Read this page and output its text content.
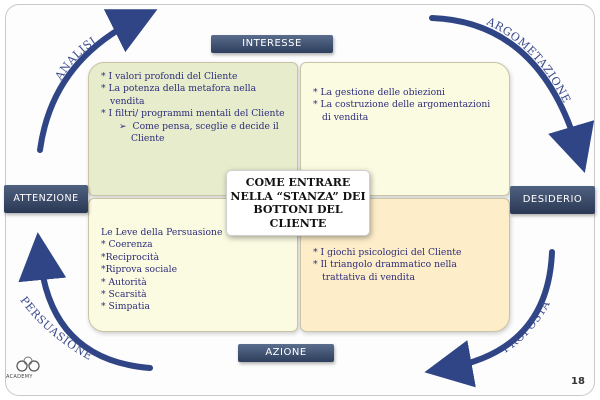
ANALISI
ARGOMETAZIONE
PERSUASIONE	PROPOSTA
* I valori profondi del Cliente
* La potenza della metafora nella vendita
* I filtri/ programmi mentali del Cliente
➢  Come pensa, sceglie e decide il Cliente
* La gestione delle obiezioni
* La costruzione delle argomentazioni di vendita
Le Leve della Persuasione
* Coerenza
*Reciprocità
*Riprova sociale
* Autorità
* Scarsità
* Simpatia
* I giochi psicologici del Cliente
* Il triangolo drammatico nella trattativa di vendita
INTERESSE
AZIONE
ATTENZIONE	DESIDERIO
COME ENTRARE
NELLA “STANZA” DEI
BOTTONI DEL
CLIENTE
ACADEMY	18
